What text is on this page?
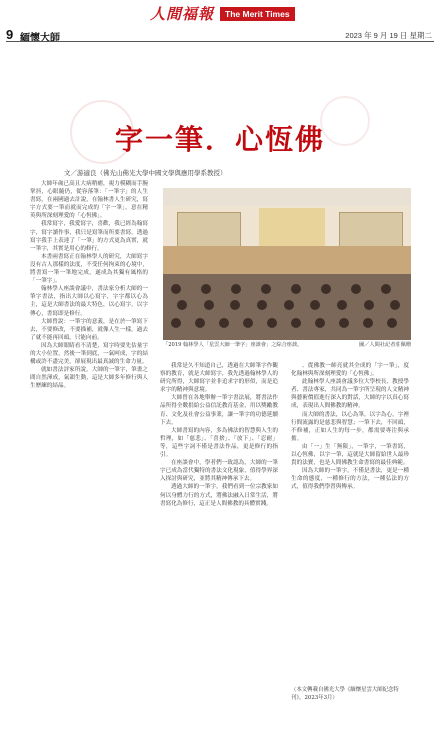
人間福報	The Merit Times
9 緬懷大師	2023 年 9 月 19 日 星期二
字一筆．心恆佛
文／游適良（佛光山佛光大學中國文學與應用學系教授）

大師年歲已高且大病稍癒，視力模糊而手腕掌抖，心眼隨仍，從容落筆：「一筆字」的人生書寫，在兩國過去計說，在翰林書人生研究，寫字方式要一筆而就而完成的「字一筆」，意在精英與所深刻理愛的「心恆佛」。

我常寫字，我愛寫字，喜歡，我已經為翰寫字，寫字讀作事，我只是寫筆而所要書寫，透過寫字我手上表達了「一筆」的方式更為真實，就一筆字，其實是用心的修行。

本書兩書寫正在翰林學人的研究，大師寫字沒有古人那樣的法度，不受任何拘束的心境中，將書寫一筆一筆地完成，遂成為其獨有風格的「一筆字」。

翰林學人座談會議中，書法家分析大師的一筆字書法，指出大師以心寫字，字字都以心為主，這是大師書法的最大特色，以心寫字，以字傳心，書寫即是修行。

大師曾說：一筆字的意義，是在於一筆寫下去，不要修改，不要描補，就像人生一樣，過去了就不能再回頭，只能向前。

因為大師眼睛看不清楚，寫字時要先估量字的大小位置，然後一筆到底，一氣呵成，字的結構或許不盡完美，卻展現出最真誠的生命力量。

就如書法評家所說，大師的一筆字，筆畫之間自然渾成，氣韻生動，這是大師多年修行與人生歷練的結晶。

「2019 翰林學人「星雲大師一筆字」座談會」之綜合座談。	圖／人間社記者莊佩珊

我常是久不知道自己，透過在大師筆字作觀察的教育，就是大師寫字，我先透過翰林學人的研究所得，大師寫字並非追求字的形似，而是追求字的精神與意境。

大師曾在各地舉辦一筆字書法展，將書法作品所得全數捐給公益信託教育基金，用以獎勵教育、文化及社會公益事業，讓一筆字的功德延續下去。

大師書寫的內容，多為佛法的智慧與人生的哲理，如「慈悲」、「喜捨」、「放下」、「忍耐」等，這些字詞不僅是書法作品，更是修行的指引。

在座談會中，學者們一致認為，大師的一筆字已成為當代獨特的書法文化現象，值得學界深入探討與研究，並將其精神傳承下去。

透過大師的一筆字，我們看到一位宗教家如何以身體力行的方式，將佛法融入日常生活，將書寫化為修行，這正是人間佛教的具體實踐。

、從佛教一師亮就其全成的「字一筆」，度化翰林與所深刻理愛的「心恆佛」。

此翰林學人座談會議多位大學校長、教授學者、書法專家，共同為一筆字所呈現的人文精神與藝術價值進行深入的對話，大師的字以真心寫成，表現出人間佛教的精神。

而大師的書法，以心為筆，以字為心，字裡行間流露的是慈悲與智慧；一筆下去，不回頭，不修補，正如人生的每一步，都需要專注與承擔。

由「一」生「無限」，一筆字，一筆書寫，以心恆佛，以字一筆，這就是大師留給世人最珍貴的法寶，也是人間佛教生命書寫的最佳典範。

因為大師的一筆字，不僅是書法，更是一種生命的態度，一種修行的方法，一種弘法的方式，值得我們學習與傳承。

（本文轉載自佛光大學《緬懷星雲大師紀念特刊》，2023年3月）
